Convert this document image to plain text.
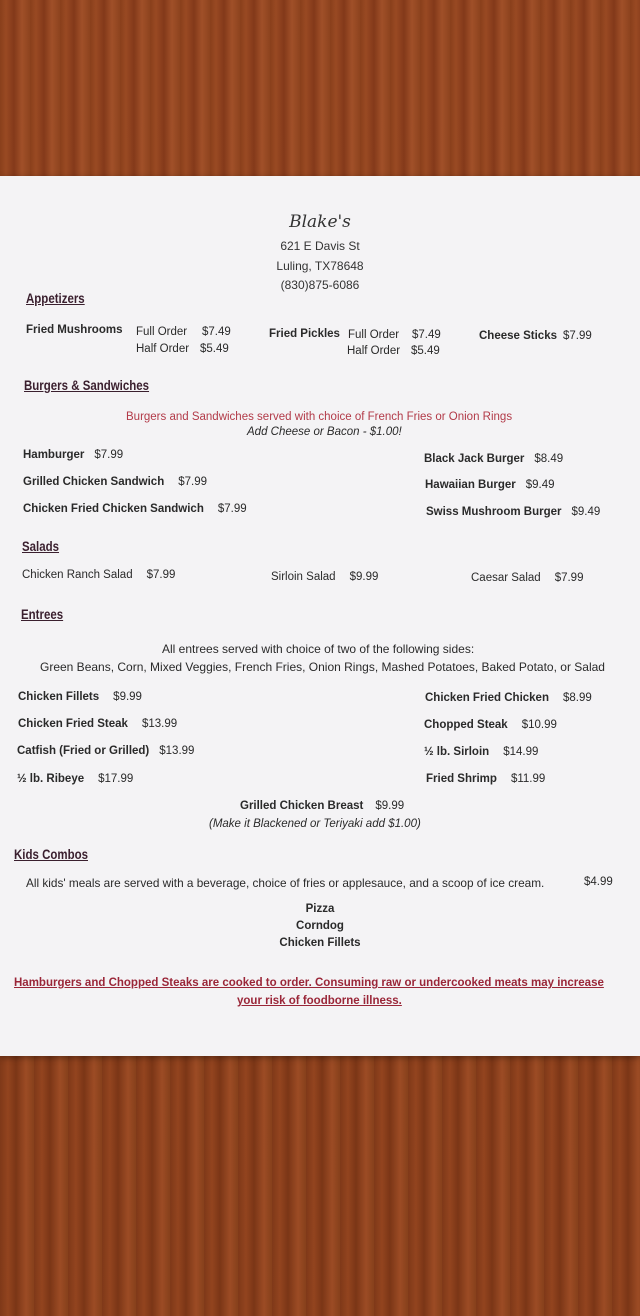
Blake's
621 E Davis St
Luling, TX78648
(830)875-6086
Appetizers
Fried Mushrooms Full Order $7.49
Half Order $5.49
Fried Pickles Full Order $7.49
Half Order $5.49
Cheese Sticks $7.99
Burgers & Sandwiches
Burgers and Sandwiches served with choice of French Fries or Onion Rings
Add Cheese or Bacon - $1.00!
Hamburger $7.99
Grilled Chicken Sandwich $7.99
Chicken Fried Chicken Sandwich $7.99
Black Jack Burger $8.49
Hawaiian Burger $9.49
Swiss Mushroom Burger $9.49
Salads
Chicken Ranch Salad $7.99	Sirloin Salad $9.99	Caesar Salad $7.99
Entrees
All entrees served with choice of two of the following sides:
Green Beans, Corn, Mixed Veggies, French Fries, Onion Rings, Mashed Potatoes, Baked Potato, or Salad
Chicken Fillets $9.99
Chicken Fried Steak $13.99
Catfish (Fried or Grilled) $13.99
½ lb. Ribeye $17.99
Chicken Fried Chicken $8.99
Chopped Steak $10.99
½ lb. Sirloin $14.99
Fried Shrimp $11.99
Grilled Chicken Breast $9.99
(Make it Blackened or Teriyaki add $1.00)
Kids Combos
All kids' meals are served with a beverage, choice of fries or applesauce, and a scoop of ice cream.	$4.99
Pizza
Corndog
Chicken Fillets
Hamburgers and Chopped Steaks are cooked to order. Consuming raw or undercooked meats may increase
your risk of foodborne illness.
